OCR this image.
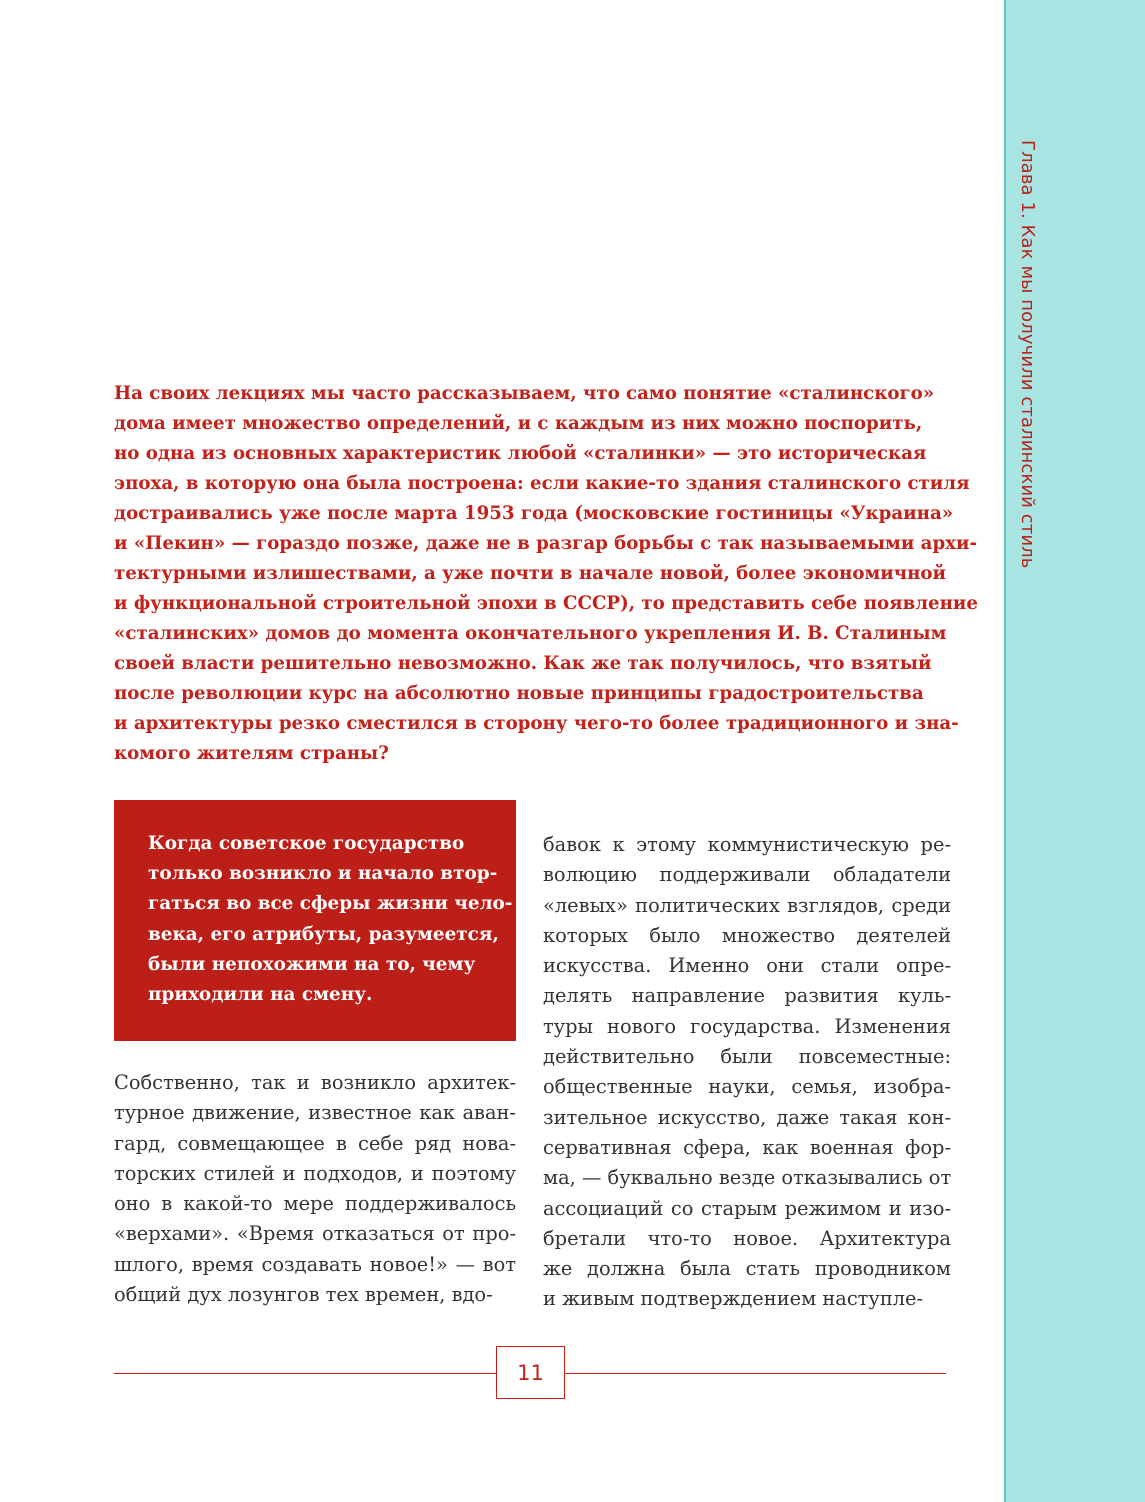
Глава 1. Как мы получили сталинский стиль
На своих лекциях мы часто рассказываем, что само понятие «сталинского»
дома имеет множество определений, и с каждым из них можно поспорить,
но одна из основных характеристик любой «сталинки» — это историческая
эпоха, в которую она была построена: если какие-то здания сталинского стиля
достраивались уже после марта 1953 года (московские гостиницы «Украина»
и «Пекин» — гораздо позже, даже не в разгар борьбы с так называемыми архи-
тектурными излишествами, а уже почти в начале новой, более экономичной
и функциональной строительной эпохи в СССР), то представить себе появление
«сталинских» домов до момента окончательного укрепления И. В. Сталиным
своей власти решительно невозможно. Как же так получилось, что взятый
после революции курс на абсолютно новые принципы градостроительства
и архитектуры резко сместился в сторону чего-то более традиционного и зна-
комого жителям страны?
Когда советское государство
только возникло и начало втор-
гаться во все сферы жизни чело-
века, его атрибуты, разумеется,
были непохожими на то, чему
приходили на смену.
Собственно, так и возникло архитек-
турное движение, известное как аван-
гард, совмещающее в себе ряд нова-
торских стилей и подходов, и поэтому
оно в какой-то мере поддерживалось
«верхами». «Время отказаться от про-
шлого, время создавать новое!» — вот
общий дух лозунгов тех времен, вдо-
бавок к этому коммунистическую ре-
волюцию поддерживали обладатели
«левых» политических взглядов, среди
которых было множество деятелей
искусства. Именно они стали опре-
делять направление развития куль-
туры нового государства. Изменения
действительно были повсеместные:
общественные науки, семья, изобра-
зительное искусство, даже такая кон-
сервативная сфера, как военная фор-
ма, — буквально везде отказывались от
ассоциаций со старым режимом и изо-
бретали что-то новое. Архитектура
же должна была стать проводником
и живым подтверждением наступле-
11
